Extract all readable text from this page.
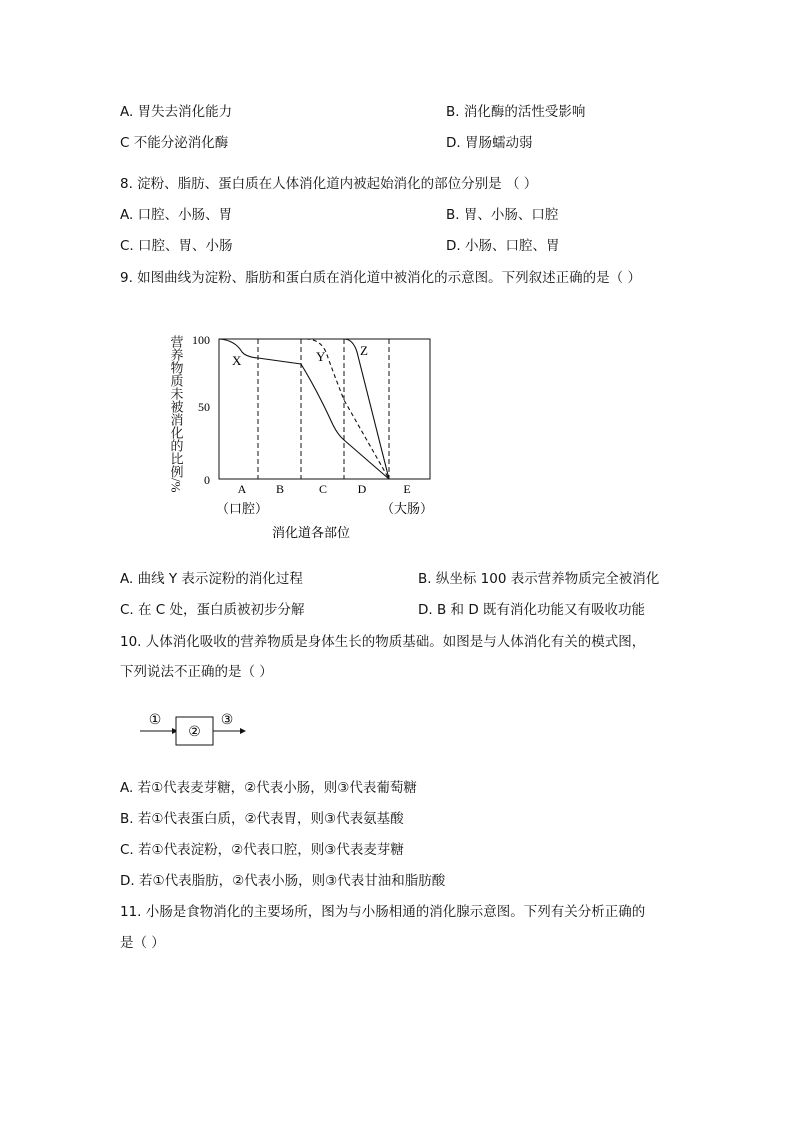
A. 胃失去消化能力	B. 消化酶的活性受影响
C 不能分泌消化酶	D. 胃肠蠕动弱
8. 淀粉、脂肪、蛋白质在人体消化道内被起始消化的部位分别是 （ ）
A. 口腔、小肠、胃	B. 胃、小肠、口腔
C. 口腔、胃、小肠	D. 小肠、口腔、胃
9. 如图曲线为淀粉、脂肪和蛋白质在消化道中被消化的示意图。下列叙述正确的是（ ）
营养物质未被消化的比例/% 100
50
0
X	Y	Z
A B	C	D	E
（口腔）	（大肠）
消化道各部位
A. 曲线 Y 表示淀粉的消化过程	B. 纵坐标 100 表示营养物质完全被消化
C. 在 C 处，蛋白质被初步分解	D. B 和 D 既有消化功能又有吸收功能
10. 人体消化吸收的营养物质是身体生长的物质基础。如图是与人体消化有关的模式图，
下列说法不正确的是（ ）
①
②
③
A. 若①代表麦芽糖，②代表小肠，则③代表葡萄糖
B. 若①代表蛋白质，②代表胃，则③代表氨基酸
C. 若①代表淀粉，②代表口腔，则③代表麦芽糖
D. 若①代表脂肪，②代表小肠，则③代表甘油和脂肪酸
11. 小肠是食物消化的主要场所，图为与小肠相通的消化腺示意图。下列有关分析正确的
是（ ）
